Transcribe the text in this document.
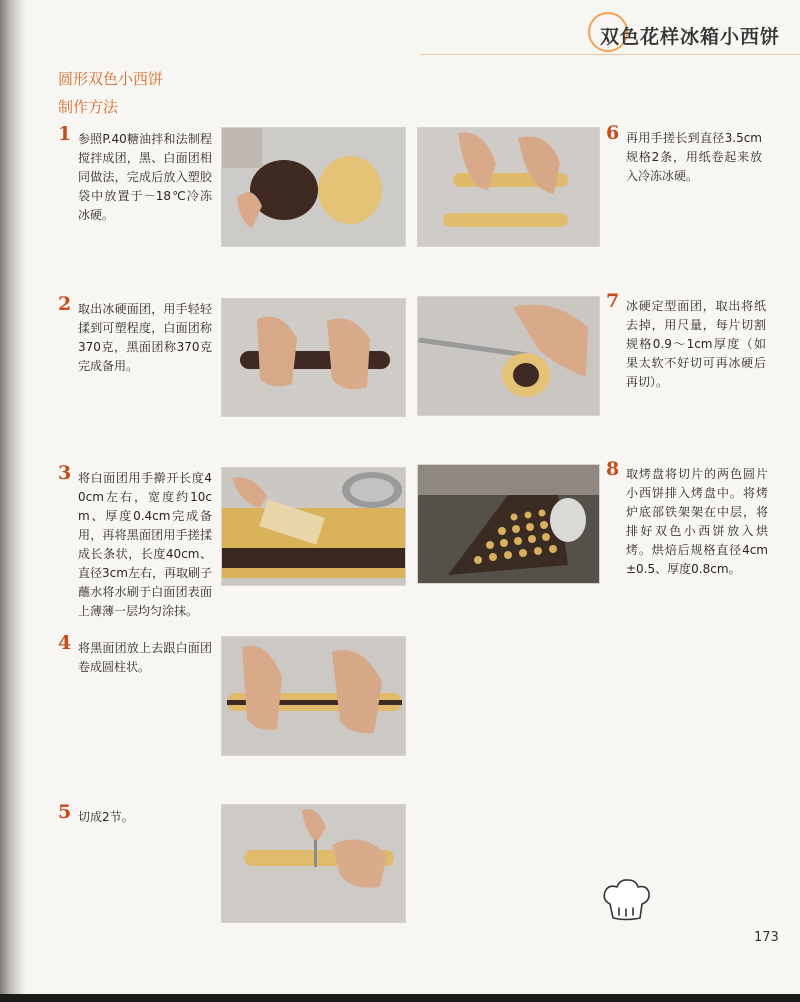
双色花样冰箱小西饼
圆形双色小西饼
制作方法
1 参照P.40糖油拌和法制程搅拌成团，黑、白面团相同做法，完成后放入塑胶袋中放置于－18℃冷冻冰硬。
2 取出冰硬面团，用手轻轻揉到可塑程度，白面团称370克，黑面团称370克完成备用。
3 将白面团用手擀开长度40cm左右，宽度约10cm、厚度0.4cm完成备用，再将黑面团用手搓揉成长条状，长度40cm、直径3cm左右，再取刷子蘸水将水刷于白面团表面上薄薄一层均匀涂抹。
4 将黑面团放上去跟白面团卷成圆柱状。
5 切成2节。
6 再用手搓长到直径3.5cm规格2条，用纸卷起来放入冷冻冰硬。
7 冰硬定型面团，取出将纸去掉，用尺量，每片切割规格0.9～1cm厚度（如果太软不好切可再冰硬后再切）。
8 取烤盘将切片的两色圆片小西饼排入烤盘中。将烤炉底部铁架架在中层，将排好双色小西饼放入烘烤。烘焙后规格直径4cm±0.5、厚度0.8cm。
173
